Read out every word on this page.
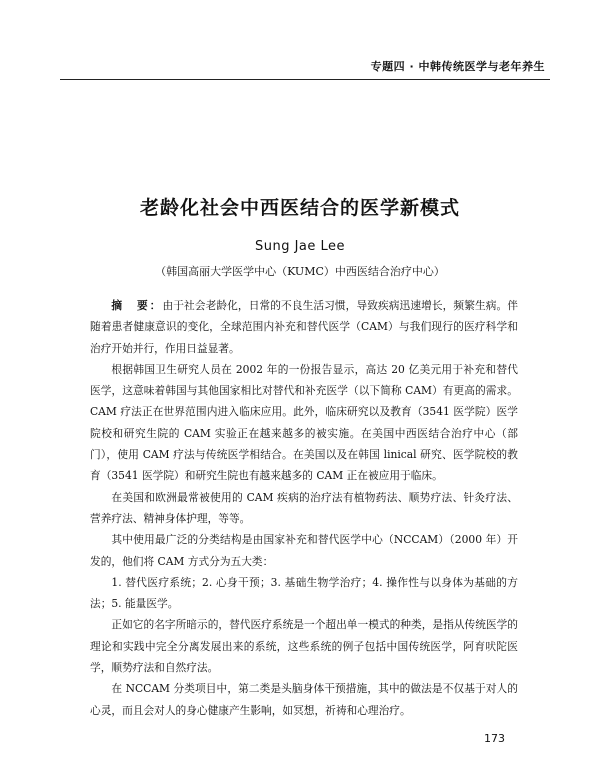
专题四 · 中韩传统医学与老年养生
老龄化社会中西医结合的医学新模式
Sung Jae Lee
（韩国高丽大学医学中心（KUMC）中西医结合治疗中心）

摘　要：由于社会老龄化，日常的不良生活习惯，导致疾病迅速增长，频繁生病。伴随着患者健康意识的变化，全球范围内补充和替代医学（CAM）与我们现行的医疗科学和治疗开始并行，作用日益显著。

根据韩国卫生研究人员在 2002 年的一份报告显示，高达 20 亿美元用于补充和替代医学，这意味着韩国与其他国家相比对替代和补充医学（以下简称 CAM）有更高的需求。CAM 疗法正在世界范围内进入临床应用。此外，临床研究以及教育（3541 医学院）医学院校和研究生院的 CAM 实验正在越来越多的被实施。在美国中西医结合治疗中心（部门），使用 CAM 疗法与传统医学相结合。在美国以及在韩国 linical 研究、医学院校的教育（3541 医学院）和研究生院也有越来越多的 CAM 正在被应用于临床。

在美国和欧洲最常被使用的 CAM 疾病的治疗法有植物药法、顺势疗法、针灸疗法、营养疗法、精神身体护理，等等。

其中使用最广泛的分类结构是由国家补充和替代医学中心（NCCAM）（2000 年）开发的，他们将 CAM 方式分为五大类：

1. 替代医疗系统；2. 心身干预；3. 基础生物学治疗；4. 操作性与以身体为基础的方法；5. 能量医学。

正如它的名字所暗示的，替代医疗系统是一个超出单一模式的种类，是指从传统医学的理论和实践中完全分离发展出来的系统，这些系统的例子包括中国传统医学，阿育吠陀医学，顺势疗法和自然疗法。

在 NCCAM 分类项目中，第二类是头脑身体干预措施，其中的做法是不仅基于对人的心灵，而且会对人的身心健康产生影响，如冥想，祈祷和心理治疗。

173
